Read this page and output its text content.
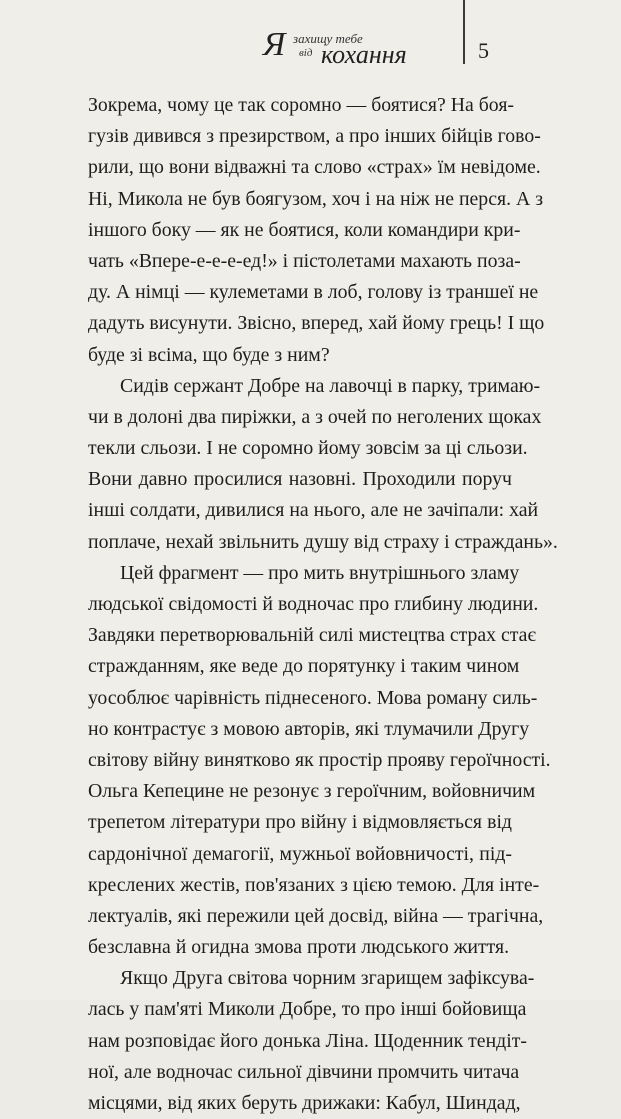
Я захищу тебе
від кохання	5
Зокрема, чому це так соромно — боятися? На боя-
гузів дивився з презирством, а про інших бійців гово-
рили, що вони відважні та слово «страх» їм невідоме.
Ні, Микола не був боягузом, хоч і на ніж не перся. А з
іншого боку — як не боятися, коли командири кри-
чать «Впере-е-е-е-ед!» і пістолетами махають поза-
ду. А німці — кулеметами в лоб, голову із траншеї не
дадуть висунути. Звісно, вперед, хай йому грець! І що
буде зі всіма, що буде з ним?
Сидів сержант Добре на лавочці в парку, тримаю-
чи в долоні два пиріжки, а з очей по неголених щоках
текли сльози. І не соромно йому зовсім за ці сльози.
Вони давно просилися назовні. Проходили поруч
інші солдати, дивилися на нього, але не зачіпали: хай
поплаче, нехай звільнить душу від страху і страждань».
Цей фрагмент — про мить внутрішнього зламу
людської свідомості й водночас про глибину людини.
Завдяки перетворювальній силі мистецтва страх стає
стражданням, яке веде до порятунку і таким чином
уособлює чарівність піднесеного. Мова роману силь-
но контрастує з мовою авторів, які тлумачили Другу
світову війну винятково як простір прояву героїчності.
Ольга Кепецине не резонує з героїчним, войовничим
трепетом літератури про війну і відмовляється від
сардонічної демагогії, мужньої войовничості, під-
креслених жестів, пов'язаних з цією темою. Для інте-
лектуалів, які пережили цей досвід, війна — трагічна,
безславна й огидна змова проти людського життя.
Якщо Друга світова чорним згарищем зафіксува-
лась у пам'яті Миколи Добре, то про інші бойовища
нам розповідає його донька Ліна. Щоденник тендіт-
ної, але водночас сильної дівчини промчить читача
місцями, від яких беруть дрижаки: Кабул, Шиндад,
